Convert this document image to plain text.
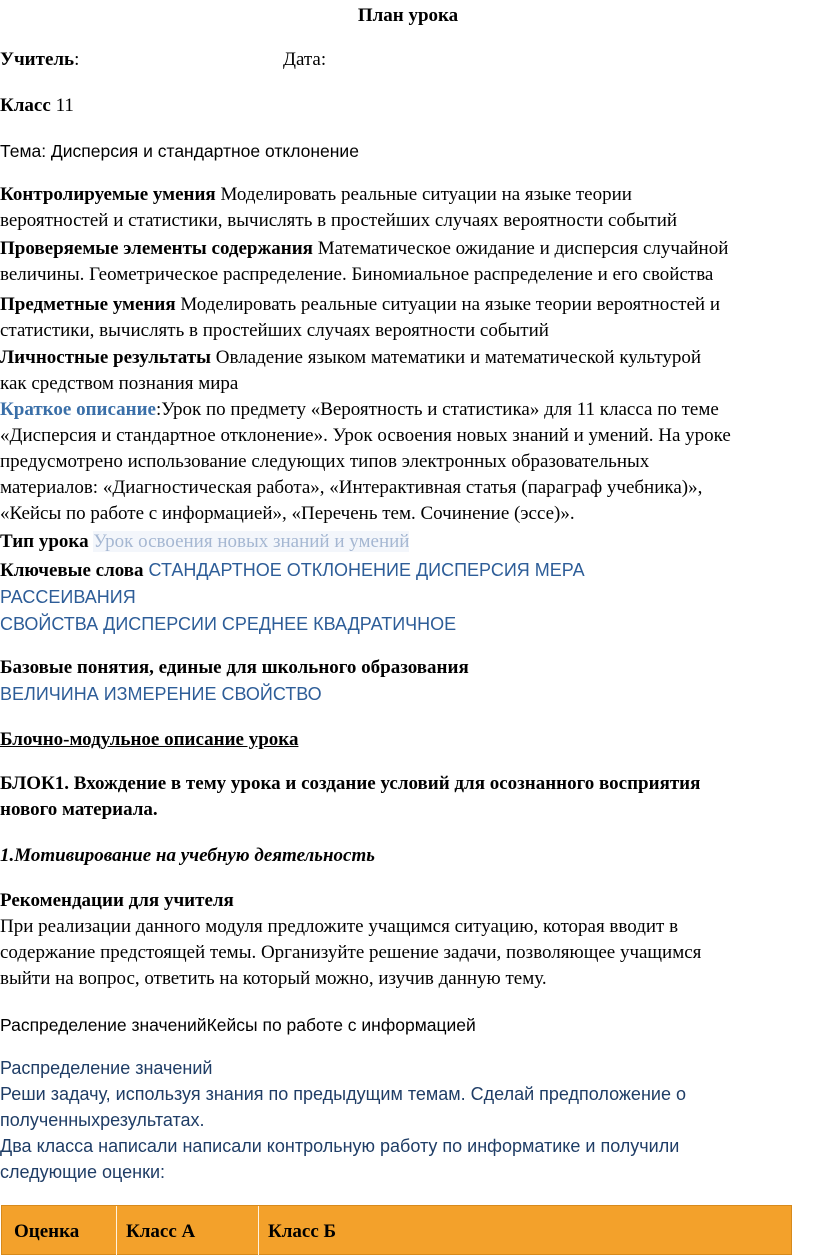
План урока
Учитель:	Дата:
Класс 11
Тема: Дисперсия и стандартное отклонение
Контролируемые умения Моделировать реальные ситуации на языке теории
вероятностей и статистики, вычислять в простейших случаях вероятности событий
Проверяемые элементы содержания Математическое ожидание и дисперсия случайной
величины. Геометрическое распределение. Биномиальное распределение и его свойства
Предметные умения Моделировать реальные ситуации на языке теории вероятностей и
статистики, вычислять в простейших случаях вероятности событий
Личностные результаты Овладение языком математики и математической культурой
как средством познания мира
Краткое описание:Урок по предмету «Вероятность и статистика» для 11 класса по теме
«Дисперсия и стандартное отклонение». Урок освоения новых знаний и умений. На уроке
предусмотрено использование следующих типов электронных образовательных
материалов: «Диагностическая работа», «Интерактивная статья (параграф учебника)»,
«Кейсы по работе с информацией», «Перечень тем. Сочинение (эссе)».
Тип урока Урок освоения новых знаний и умений
Ключевые слова СТАНДАРТНОЕ ОТКЛОНЕНИЕ ДИСПЕРСИЯ МЕРА
РАССЕИВАНИЯ
СВОЙСТВА ДИСПЕРСИИ СРЕДНЕЕ КВАДРАТИЧНОЕ
Базовые понятия, единые для школьного образования
ВЕЛИЧИНА ИЗМЕРЕНИЕ СВОЙСТВО
Блочно-модульное описание урока
БЛОК1. Вхождение в тему урока и создание условий для осознанного восприятия
нового материала.
1.Мотивирование на учебную деятельность
Рекомендации для учителя
При реализации данного модуля предложите учащимся ситуацию, которая вводит в
содержание предстоящей темы. Организуйте решение задачи, позволяющее учащимся
выйти на вопрос, ответить на который можно, изучив данную тему.
Распределение значенийКейсы по работе с информацией
Распределение значений
Реши задачу, используя знания по предыдущим темам. Сделай предположение о
полученныхрезультатах.
Два класса написали написали контрольную работу по информатике и получили
следующие оценки:
Оценка Класс А	Класс Б
